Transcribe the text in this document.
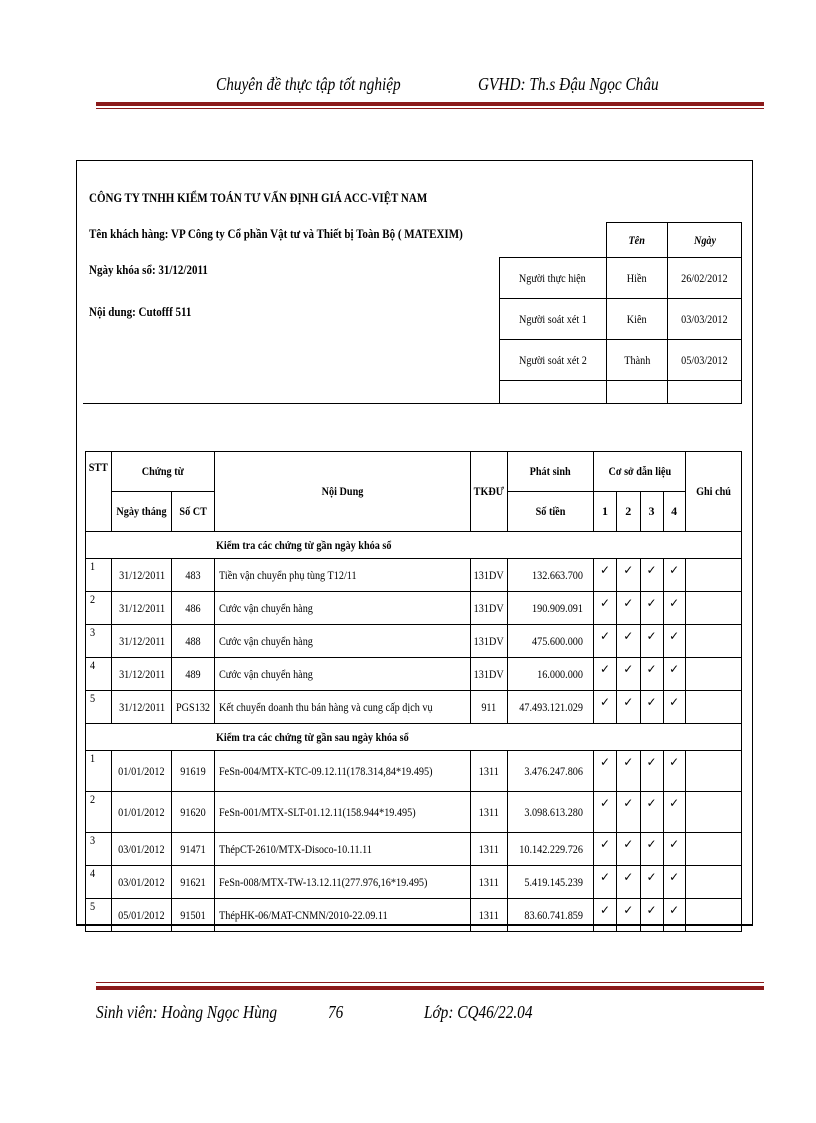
Chuyên đề thực tập tốt nghiệp	GVHD: Th.s Đậu Ngọc Châu
CÔNG TY TNHH KIỂM TOÁN TƯ VẤN ĐỊNH GIÁ ACC-VIỆT NAM
Tên khách hàng: VP Công ty Cổ phần Vật tư và Thiết bị Toàn Bộ ( MATEXIM)
Ngày khóa sổ: 31/12/2011
Nội dung: Cutofff 511
	Tên	Ngày
Người thực hiện	Hiền	26/02/2012
Người soát xét 1	Kiên	03/03/2012
Người soát xét 2	Thành	05/03/2012

STT	Chứng từ		Nội Dung	TKĐƯ	Phát sinh	Cơ sở dẫn liệu				Ghi chú
	Ngày tháng	Số CT			Số tiền	1	2	3	4	
Kiểm tra các chứng từ gần ngày khóa sổ										
1	31/12/2011	483	Tiền vận chuyển phụ tùng T12/11	131DV	132.663.700	✓	✓	✓	✓	
2	31/12/2011	486	Cước vận chuyển hàng	131DV	190.909.091	✓	✓	✓	✓	
3	31/12/2011	488	Cước vận chuyển hàng	131DV	475.600.000	✓	✓	✓	✓	
4	31/12/2011	489	Cước vận chuyển hàng	131DV	16.000.000	✓	✓	✓	✓	
5	31/12/2011	PGS132	Kết chuyển doanh thu bán hàng và cung cấp dịch vụ	911	47.493.121.029	✓	✓	✓	✓	
Kiểm tra các chứng từ gần sau ngày khóa sổ										
1	01/01/2012	91619	FeSn-004/MTX-KTC-09.12.11(178.314,84*19.495)	1311	3.476.247.806	✓	✓	✓	✓	
2	01/01/2012	91620	FeSn-001/MTX-SLT-01.12.11(158.944*19.495)	1311	3.098.613.280	✓	✓	✓	✓	
3	03/01/2012	91471	ThépCT-2610/MTX-Disoco-10.11.11	1311	10.142.229.726	✓	✓	✓	✓	
4	03/01/2012	91621	FeSn-008/MTX-TW-13.12.11(277.976,16*19.495)	1311	5.419.145.239	✓	✓	✓	✓	
5	05/01/2012	91501	ThépHK-06/MAT-CNMN/2010-22.09.11	1311	83.60.741.859	✓	✓	✓	✓	
Sinh viên: Hoàng Ngọc Hùng	76	Lớp: CQ46/22.04
